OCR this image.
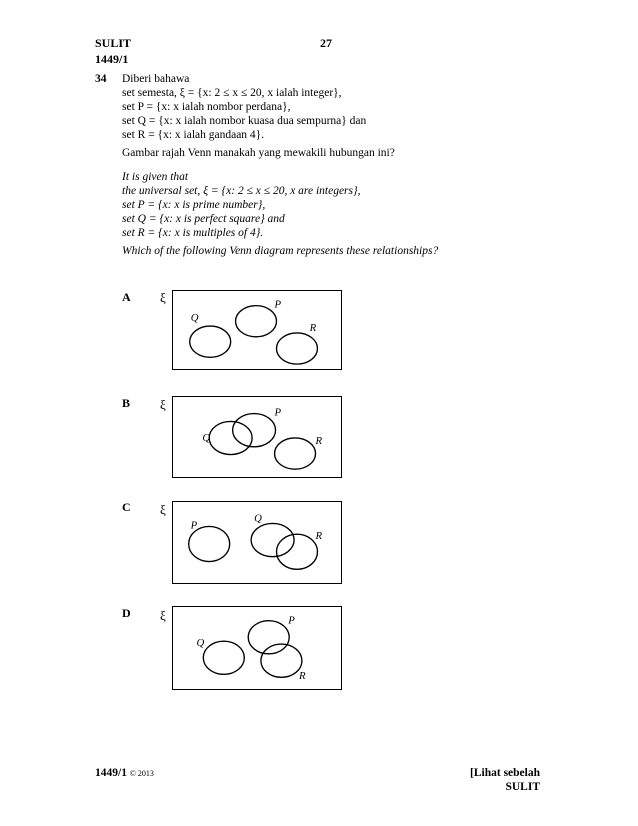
SULIT
1449/1
27
34 Diberi bahawa
set semesta, ξ = {x: 2 ≤ x ≤ 20, x ialah integer},
set P = {x: x ialah nombor perdana},
set Q = {x: x ialah nombor kuasa dua sempurna} dan
set R = {x: x ialah gandaan 4}.
Gambar rajah Venn manakah yang mewakili hubungan ini?
It is given that
the universal set, ξ = {x: 2 ≤ x ≤ 20, x are integers},
set P = {x: x is prime number},
set Q = {x: x is perfect square} and
set R = {x: x is multiples of 4}.
Which of the following Venn diagram represents these relationships?
A ξ
Q
P
R
B ξ
Q
P
R
C ξ
P
Q
R
D ξ
Q
P
R
1449/1 © 2013	[Lihat sebelah
SULIT
